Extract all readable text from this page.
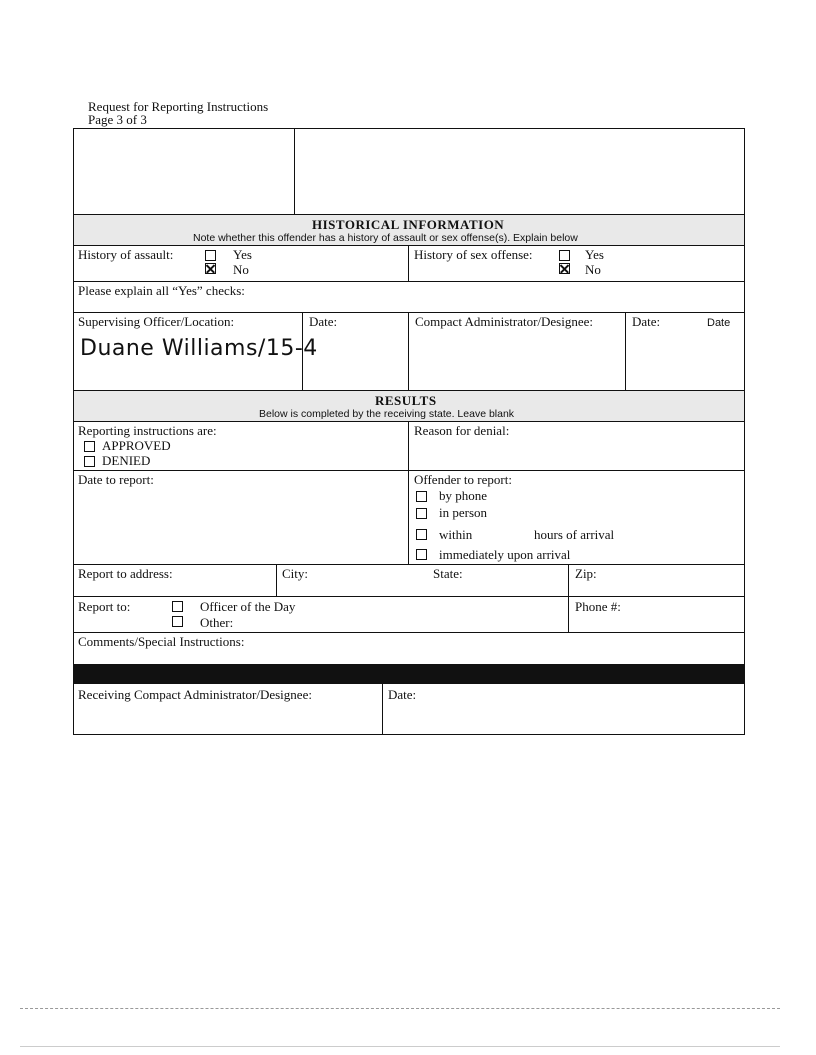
Request for Reporting Instructions
Page 3 of 3
HISTORICAL INFORMATION
Note whether this offender has a history of assault or sex offense(s). Explain below
History of assault:	Yes
No
History of sex offense:	Yes
No
Please explain all “Yes” checks:
Supervising Officer/Location:
Duane Williams/15-4
Date:	Compact Administrator/Designee:	Date:	Date
RESULTS
Below is completed by the receiving state. Leave blank
Reporting instructions are:
APPROVED
DENIED
Reason for denial:
Date to report:	Offender to report:
by phone
in person
within	hours of arrival
immediately upon arrival
Report to address:	City:	State:	Zip:
Report to:	Officer of the Day
Other:
Phone #:
Comments/Special Instructions:
Receiving Compact Administrator/Designee:	Date:
